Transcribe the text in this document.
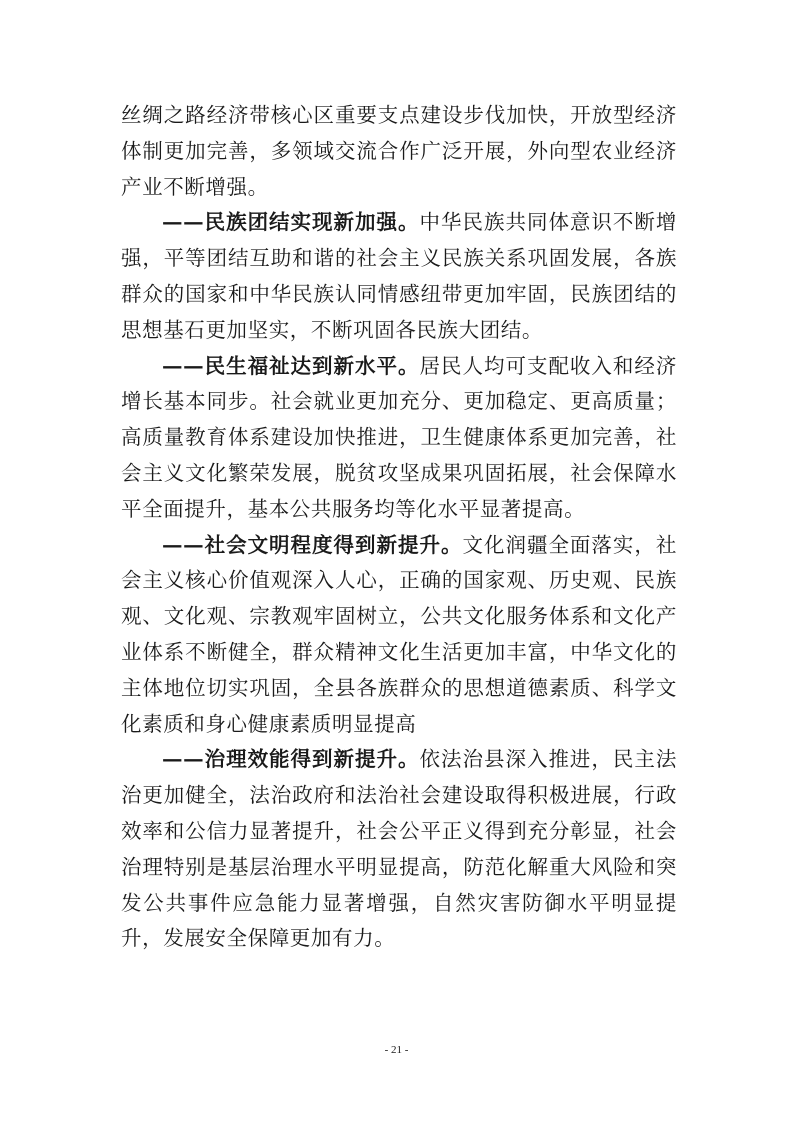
丝绸之路经济带核心区重要支点建设步伐加快，开放型经济体制更加完善，多领域交流合作广泛开展，外向型农业经济产业不断增强。

——民族团结实现新加强。中华民族共同体意识不断增强，平等团结互助和谐的社会主义民族关系巩固发展，各族群众的国家和中华民族认同情感纽带更加牢固，民族团结的思想基石更加坚实，不断巩固各民族大团结。

——民生福祉达到新水平。居民人均可支配收入和经济增长基本同步。社会就业更加充分、更加稳定、更高质量；高质量教育体系建设加快推进，卫生健康体系更加完善，社会主义文化繁荣发展，脱贫攻坚成果巩固拓展，社会保障水平全面提升，基本公共服务均等化水平显著提高。

——社会文明程度得到新提升。文化润疆全面落实，社会主义核心价值观深入人心，正确的国家观、历史观、民族观、文化观、宗教观牢固树立，公共文化服务体系和文化产业体系不断健全，群众精神文化生活更加丰富，中华文化的主体地位切实巩固，全县各族群众的思想道德素质、科学文化素质和身心健康素质明显提高

——治理效能得到新提升。依法治县深入推进，民主法治更加健全，法治政府和法治社会建设取得积极进展，行政效率和公信力显著提升，社会公平正义得到充分彰显，社会治理特别是基层治理水平明显提高，防范化解重大风险和突发公共事件应急能力显著增强，自然灾害防御水平明显提升，发展安全保障更加有力。

- 21 -
